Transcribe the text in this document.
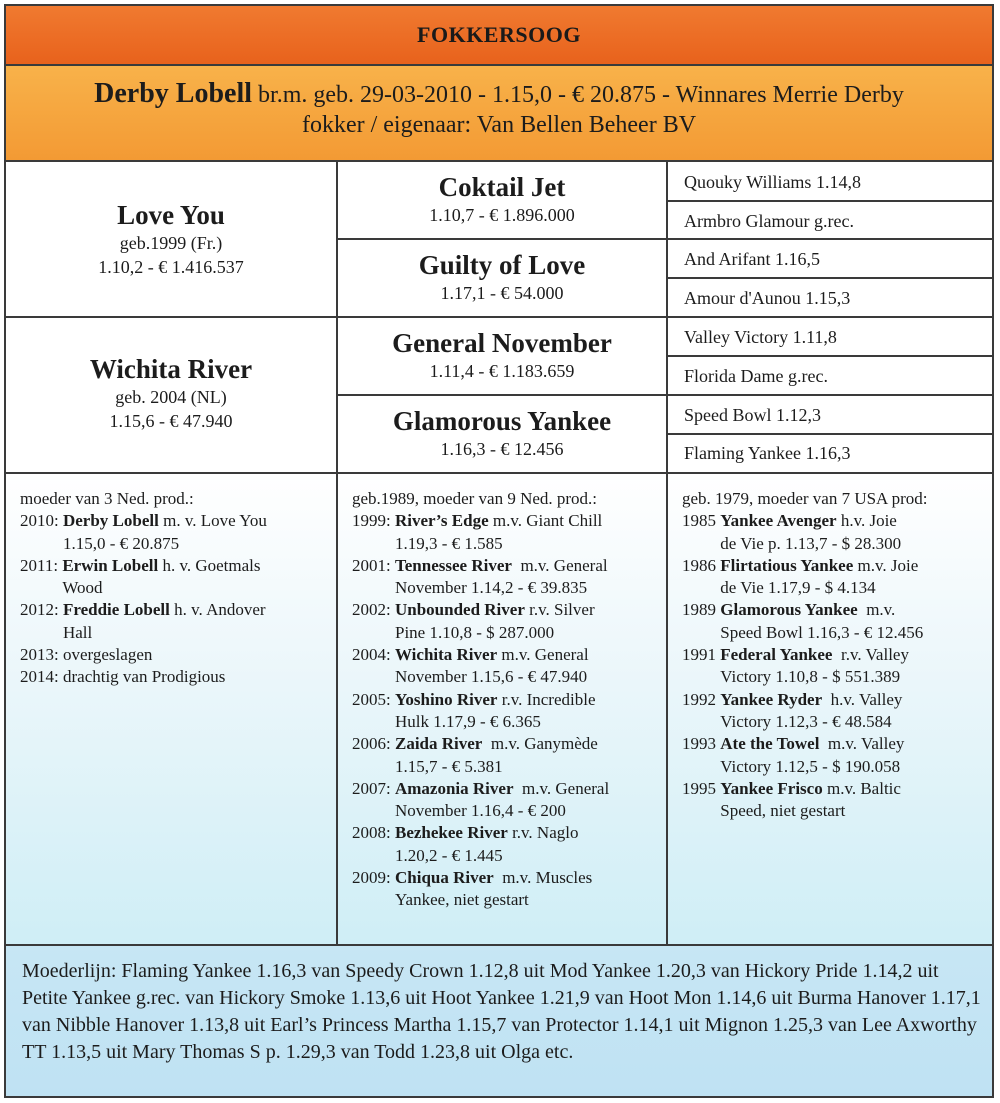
FOKKERSOOG
Derby Lobell br.m. geb. 29-03-2010 - 1.15,0 - € 20.875 - Winnares Merrie Derby
fokker / eigenaar: Van Bellen Beheer BV
Love You
geb.1999 (Fr.)
1.10,2 - € 1.416.537
Wichita River
geb. 2004 (NL)
1.15,6 - € 47.940
Coktail Jet
1.10,7 - € 1.896.000
Guilty of Love
1.17,1 - € 54.000
General November
1.11,4 - € 1.183.659
Glamorous Yankee
1.16,3 - € 12.456
Quouky Williams 1.14,8
Armbro Glamour g.rec.
And Arifant 1.16,5
Amour d'Aunou 1.15,3
Valley Victory 1.11,8
Florida Dame g.rec.
Speed Bowl 1.12,3
Flaming Yankee 1.16,3
moeder van 3 Ned. prod.:
2010: Derby Lobell m. v. Love You
1.15,0 - € 20.875
2011: Erwin Lobell h. v. Goetmals
Wood
2012: Freddie Lobell h. v. Andover
Hall
2013: overgeslagen
2014: drachtig van Prodigious
geb.1989, moeder van 9 Ned. prod.:
1999: River’s Edge m.v. Giant Chill
1.19,3 - € 1.585
2001: Tennessee River  m.v. General
November 1.14,2 - € 39.835
2002: Unbounded River r.v. Silver
Pine 1.10,8 - $ 287.000
2004: Wichita River m.v. General
November 1.15,6 - € 47.940
2005: Yoshino River r.v. Incredible
Hulk 1.17,9 - € 6.365
2006: Zaida River  m.v. Ganymède
1.15,7 - € 5.381
2007: Amazonia River  m.v. General
November 1.16,4 - € 200
2008: Bezhekee River r.v. Naglo
1.20,2 - € 1.445
2009: Chiqua River  m.v. Muscles
Yankee, niet gestart
geb. 1979, moeder van 7 USA prod:
1985 Yankee Avenger h.v. Joie
de Vie p. 1.13,7 - $ 28.300
1986 Flirtatious Yankee m.v. Joie
de Vie 1.17,9 - $ 4.134
1989 Glamorous Yankee  m.v.
Speed Bowl 1.16,3 - € 12.456
1991 Federal Yankee  r.v. Valley
Victory 1.10,8 - $ 551.389
1992 Yankee Ryder  h.v. Valley
Victory 1.12,3 - € 48.584
1993 Ate the Towel  m.v. Valley
Victory 1.12,5 - $ 190.058
1995 Yankee Frisco m.v. Baltic
Speed, niet gestart

Moederlijn: Flaming Yankee 1.16,3 van Speedy Crown 1.12,8 uit Mod Yankee 1.20,3 van Hickory Pride 1.14,2 uit Petite Yankee g.rec. van Hickory Smoke 1.13,6 uit Hoot Yankee 1.21,9 van Hoot Mon 1.14,6 uit Burma Hanover 1.17,1 van Nibble Hanover 1.13,8 uit Earl’s Princess Martha 1.15,7 van Protector 1.14,1 uit Mignon 1.25,3 van Lee Axworthy TT 1.13,5 uit Mary Thomas S p. 1.29,3 van Todd 1.23,8 uit Olga etc.
